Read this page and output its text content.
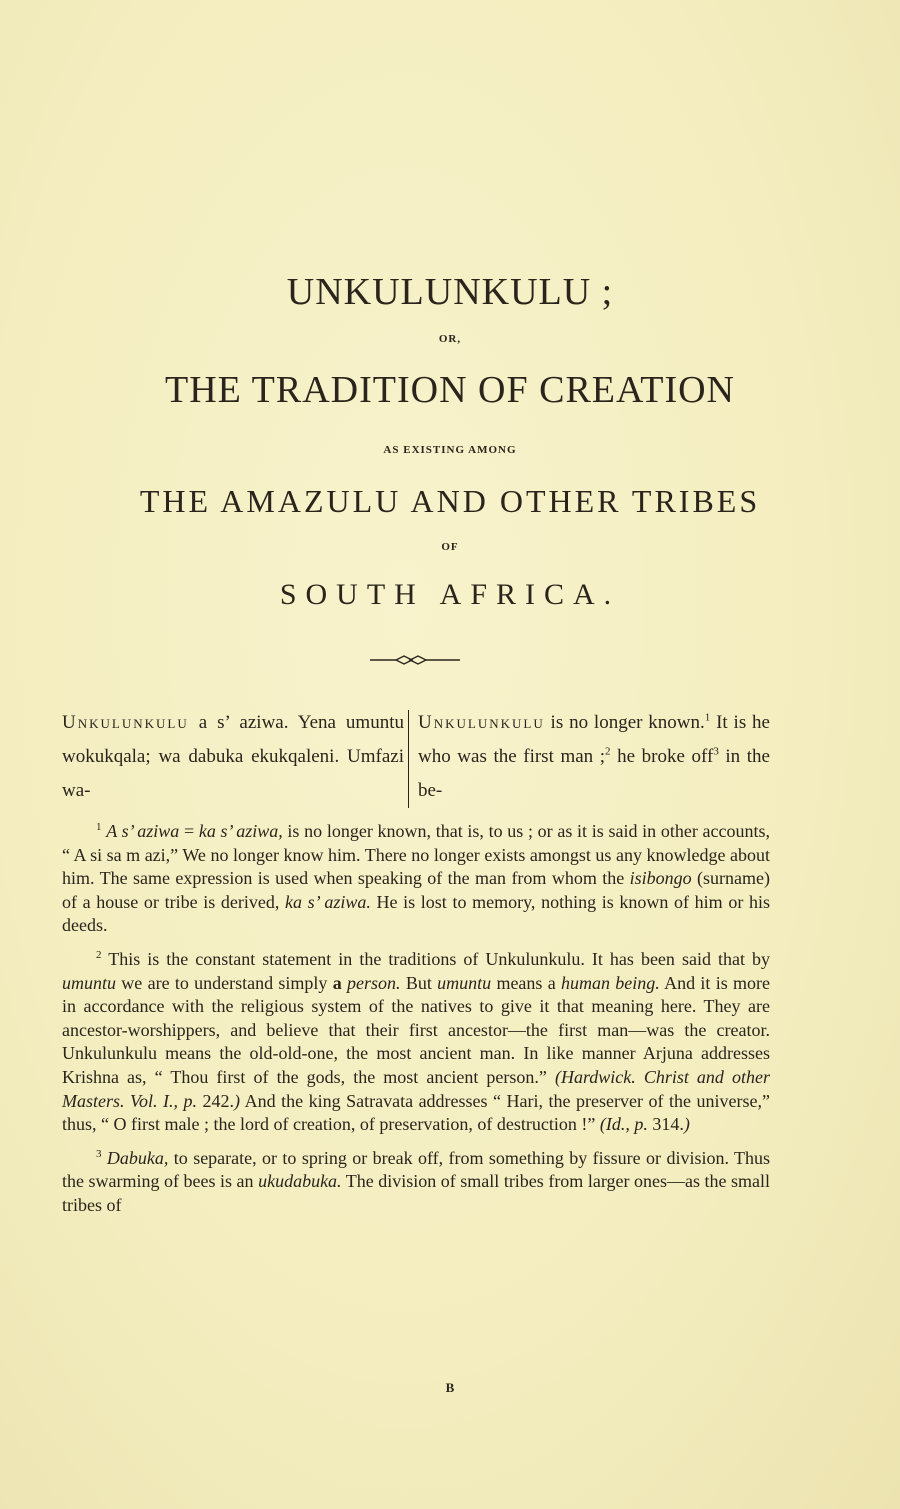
UNKULUNKULU ;
OR,
THE TRADITION OF CREATION
AS EXISTING AMONG
THE AMAZULU AND OTHER TRIBES
OF
SOUTH AFRICA.

Unkulunkulu a s’ aziwa. Yena umuntu wokukqala; wa dabuka ekukqaleni. Umfazi wa-

Unkulunkulu is no longer known.$^1$ It is he who was the first man ;$^2$ he broke off$^3$ in the be-

$^1$ A s’ aziwa = ka s’ aziwa, is no longer known, that is, to us ; or as it is said in other accounts, “ A si sa m azi,” We no longer know him. There no longer exists amongst us any knowledge about him. The same expression is used when speaking of the man from whom the isibongo (surname) of a house or tribe is derived, ka s’ aziwa. He is lost to memory, nothing is known of him or his deeds.

$^2$ This is the constant statement in the traditions of Unkulunkulu. It has been said that by umuntu we are to understand simply a person. But umuntu means a human being. And it is more in accordance with the religious system of the natives to give it that meaning here. They are ancestor-worshippers, and believe that their first ancestor—the first man—was the creator. Unkulunkulu means the old-old-one, the most ancient man. In like manner Arjuna addresses Krishna as, “ Thou first of the gods, the most ancient person.” (Hardwick. Christ and other Masters. Vol. I., p. 242.) And the king Satravata addresses “ Hari, the preserver of the universe,” thus, “ O first male ; the lord of creation, of preservation, of destruction !” (Id., p. 314.)

$^3$ Dabuka, to separate, or to spring or break off, from something by fissure or division. Thus the swarming of bees is an ukudabuka. The division of small tribes from larger ones—as the small tribes of

B
